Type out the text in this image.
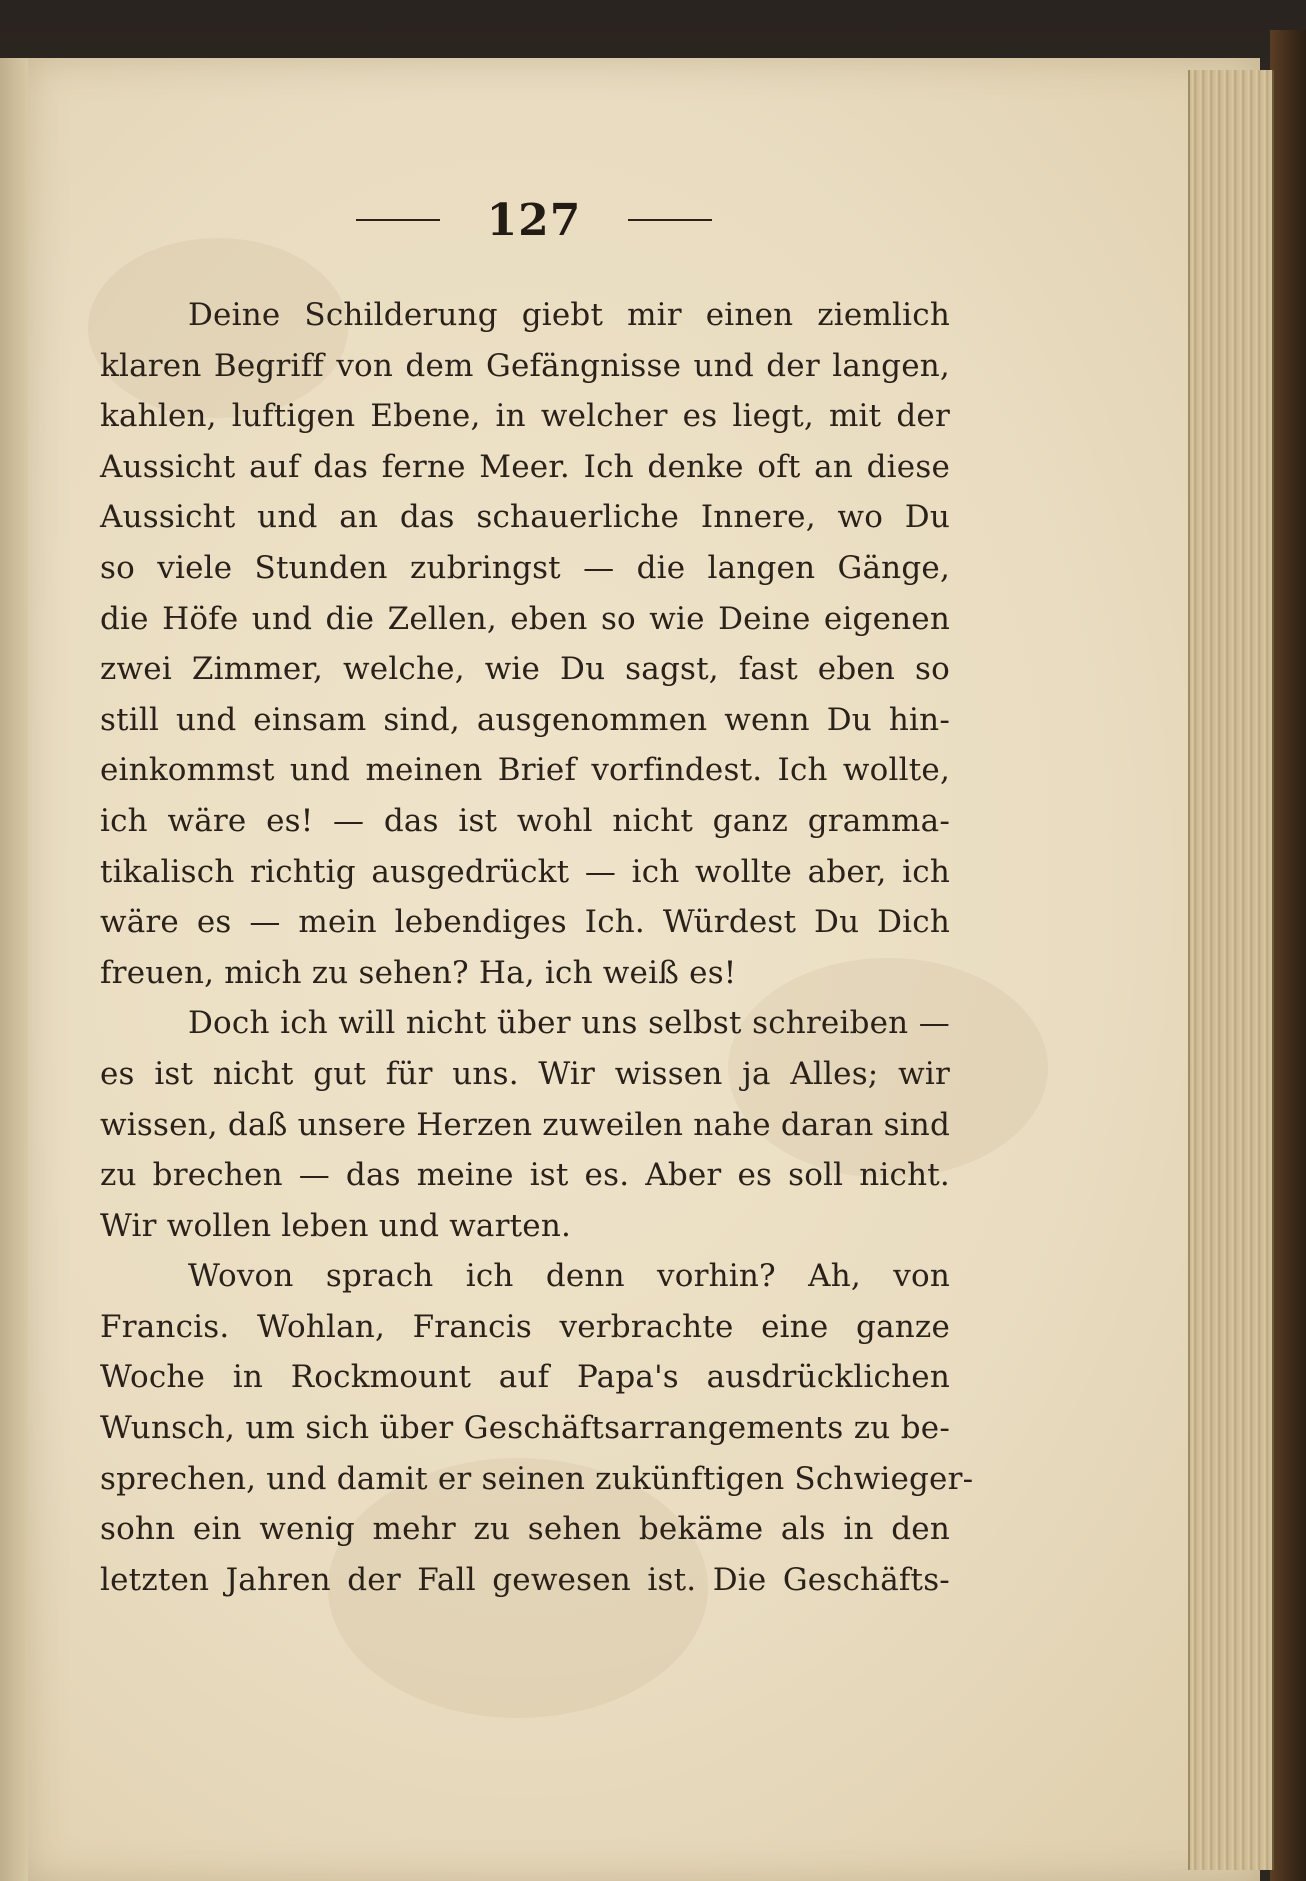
127
Deine Schilderung giebt mir einen ziemlich
klaren Begriff von dem Gefängnisse und der langen,
kahlen, luftigen Ebene, in welcher es liegt, mit der
Aussicht auf das ferne Meer. Ich denke oft an diese
Aussicht und an das schauerliche Innere, wo Du
so viele Stunden zubringst — die langen Gänge,
die Höfe und die Zellen, eben so wie Deine eigenen
zwei Zimmer, welche, wie Du sagst, fast eben so
still und einsam sind, ausgenommen wenn Du hin-
einkommst und meinen Brief vorfindest. Ich wollte,
ich wäre es! — das ist wohl nicht ganz gramma-
tikalisch richtig ausgedrückt — ich wollte aber, ich
wäre es — mein lebendiges Ich. Würdest Du Dich
freuen, mich zu sehen? Ha, ich weiß es!
Doch ich will nicht über uns selbst schreiben —
es ist nicht gut für uns. Wir wissen ja Alles; wir
wissen, daß unsere Herzen zuweilen nahe daran sind
zu brechen — das meine ist es. Aber es soll nicht.
Wir wollen leben und warten.
Wovon sprach ich denn vorhin? Ah, von
Francis. Wohlan, Francis verbrachte eine ganze
Woche in Rockmount auf Papa's ausdrücklichen
Wunsch, um sich über Geschäftsarrangements zu be-
sprechen, und damit er seinen zukünftigen Schwieger-
sohn ein wenig mehr zu sehen bekäme als in den
letzten Jahren der Fall gewesen ist. Die Geschäfts-
